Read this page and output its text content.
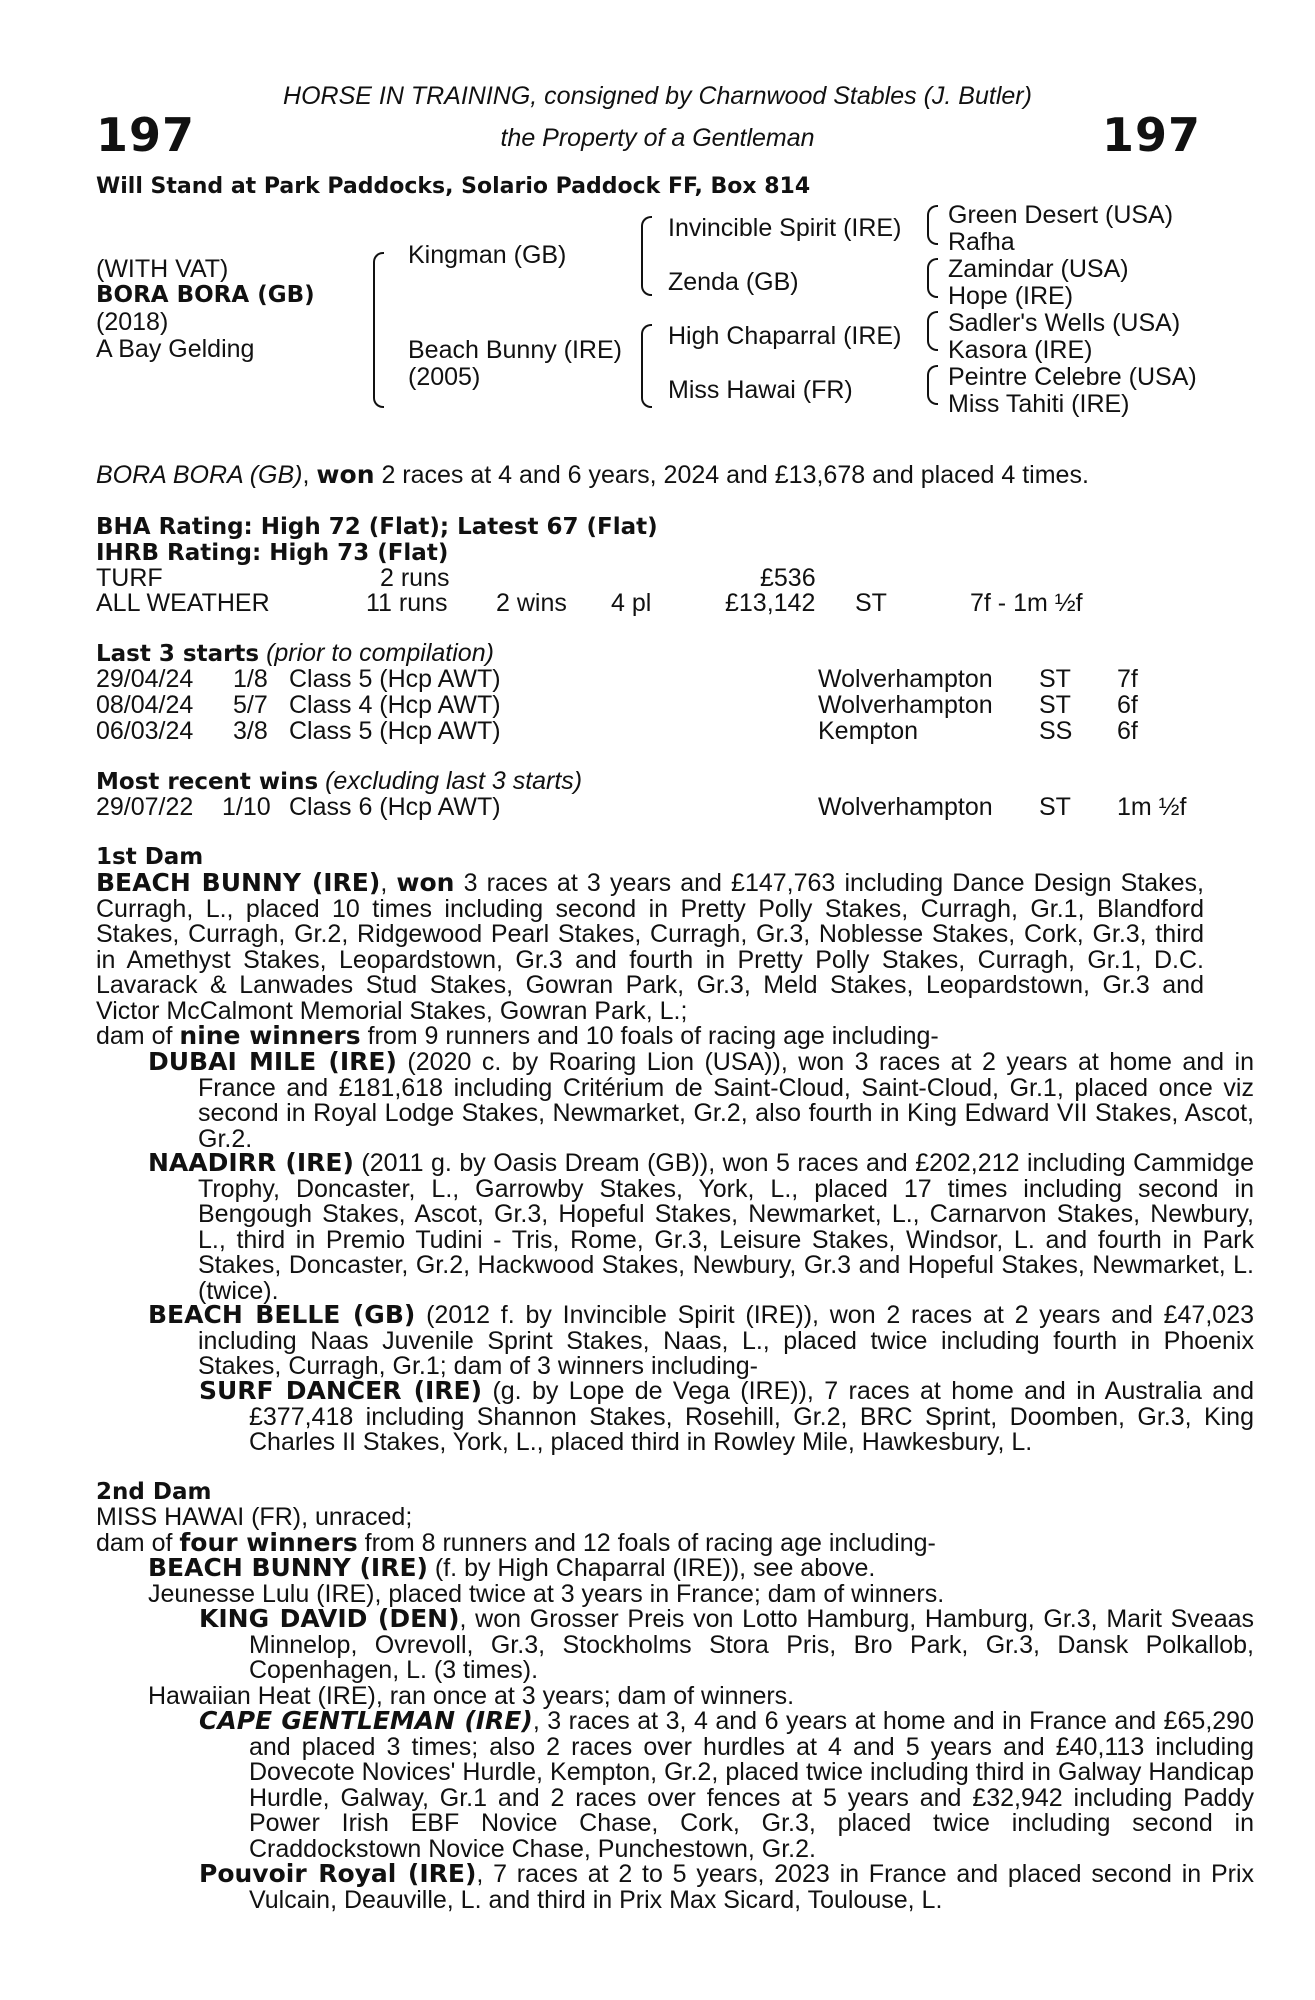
197	197
HORSE IN TRAINING, consigned by Charnwood Stables (J. Butler)
the Property of a Gentleman
Will Stand at Park Paddocks, Solario Paddock FF, Box 814
(WITH VAT)
BORA BORA (GB)
(2018)
A Bay Gelding
Kingman (GB)
Beach Bunny (IRE)
(2005)
Invincible Spirit (IRE)
Zenda (GB)
High Chaparral (IRE)
Miss Hawai (FR)
Green Desert (USA)
Rafha
Zamindar (USA)
Hope (IRE)
Sadler's Wells (USA)
Kasora (IRE)
Peintre Celebre (USA)
Miss Tahiti (IRE)
BORA BORA (GB), won 2 races at 4 and 6 years, 2024 and £13,678 and placed 4 times.
BHA Rating: High 72 (Flat); Latest 67 (Flat)
IHRB Rating: High 73 (Flat)
TURF	2 runs	£536
ALL WEATHER	11 runs 2 wins 4 pl	£13,142 ST	7f - 1m ½f
Last 3 starts (prior to compilation)
29/04/24 1/8 Class 5 (Hcp AWT)	Wolverhampton ST 7f
08/04/24 5/7 Class 4 (Hcp AWT)	Wolverhampton ST 6f
06/03/24 3/8 Class 5 (Hcp AWT)	Kempton	SS 6f
Most recent wins (excluding last 3 starts)
29/07/22 1/10 Class 6 (Hcp AWT)	Wolverhampton ST 1m ½f
1st Dam
BEACH BUNNY (IRE), won 3 races at 3 years and £147,763 including Dance Design Stakes, Curragh, L., placed 10 times including second in Pretty Polly Stakes, Curragh, Gr.1, Blandford Stakes, Curragh, Gr.2, Ridgewood Pearl Stakes, Curragh, Gr.3, Noblesse Stakes, Cork, Gr.3, third in Amethyst Stakes, Leopardstown, Gr.3 and fourth in Pretty Polly Stakes, Curragh, Gr.1, D.C. Lavarack & Lanwades Stud Stakes, Gowran Park, Gr.3, Meld Stakes, Leopardstown, Gr.3 and Victor McCalmont Memorial Stakes, Gowran Park, L.;
dam of nine winners from 9 runners and 10 foals of racing age including-
DUBAI MILE (IRE) (2020 c. by Roaring Lion (USA)), won 3 races at 2 years at home and in France and £181,618 including Critérium de Saint-Cloud, Saint-Cloud, Gr.1, placed once viz second in Royal Lodge Stakes, Newmarket, Gr.2, also fourth in King Edward VII Stakes, Ascot, Gr.2.
NAADIRR (IRE) (2011 g. by Oasis Dream (GB)), won 5 races and £202,212 including Cammidge Trophy, Doncaster, L., Garrowby Stakes, York, L., placed 17 times including second in Bengough Stakes, Ascot, Gr.3, Hopeful Stakes, Newmarket, L., Carnarvon Stakes, Newbury, L., third in Premio Tudini - Tris, Rome, Gr.3, Leisure Stakes, Windsor, L. and fourth in Park Stakes, Doncaster, Gr.2, Hackwood Stakes, Newbury, Gr.3 and Hopeful Stakes, Newmarket, L. (twice).
BEACH BELLE (GB) (2012 f. by Invincible Spirit (IRE)), won 2 races at 2 years and £47,023 including Naas Juvenile Sprint Stakes, Naas, L., placed twice including fourth in Phoenix Stakes, Curragh, Gr.1; dam of 3 winners including-
SURF DANCER (IRE) (g. by Lope de Vega (IRE)), 7 races at home and in Australia and £377,418 including Shannon Stakes, Rosehill, Gr.2, BRC Sprint, Doomben, Gr.3, King Charles II Stakes, York, L., placed third in Rowley Mile, Hawkesbury, L.
2nd Dam
MISS HAWAI (FR), unraced;
dam of four winners from 8 runners and 12 foals of racing age including-
BEACH BUNNY (IRE) (f. by High Chaparral (IRE)), see above.
Jeunesse Lulu (IRE), placed twice at 3 years in France; dam of winners.
KING DAVID (DEN), won Grosser Preis von Lotto Hamburg, Hamburg, Gr.3, Marit Sveaas Minnelop, Ovrevoll, Gr.3, Stockholms Stora Pris, Bro Park, Gr.3, Dansk Polkallob, Copenhagen, L. (3 times).
Hawaiian Heat (IRE), ran once at 3 years; dam of winners.
CAPE GENTLEMAN (IRE), 3 races at 3, 4 and 6 years at home and in France and £65,290 and placed 3 times; also 2 races over hurdles at 4 and 5 years and £40,113 including Dovecote Novices' Hurdle, Kempton, Gr.2, placed twice including third in Galway Handicap Hurdle, Galway, Gr.1 and 2 races over fences at 5 years and £32,942 including Paddy Power Irish EBF Novice Chase, Cork, Gr.3, placed twice including second in Craddockstown Novice Chase, Punchestown, Gr.2.
Pouvoir Royal (IRE), 7 races at 2 to 5 years, 2023 in France and placed second in Prix Vulcain, Deauville, L. and third in Prix Max Sicard, Toulouse, L.
